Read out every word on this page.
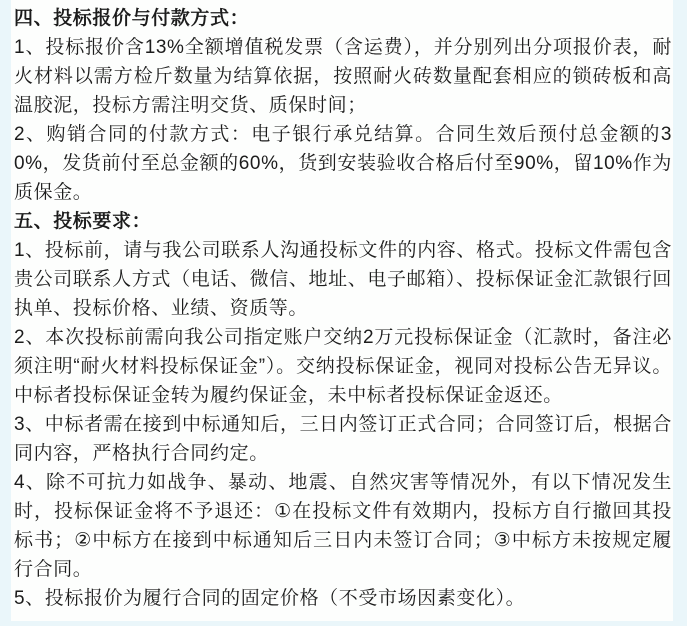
四、投标报价与付款方式：

1、投标报价含13%全额增值税发票（含运费），并分别列出分项报价表，耐火材料以需方检斤数量为结算依据，按照耐火砖数量配套相应的锁砖板和高温胶泥，投标方需注明交货、质保时间；

2、购销合同的付款方式：电子银行承兑结算。合同生效后预付总金额的30%，发货前付至总金额的60%，货到安装验收合格后付至90%，留10%作为质保金。

五、投标要求：

1、投标前，请与我公司联系人沟通投标文件的内容、格式。投标文件需包含贵公司联系人方式（电话、微信、地址、电子邮箱）、投标保证金汇款银行回执单、投标价格、业绩、资质等。

2、本次投标前需向我公司指定账户交纳2万元投标保证金（汇款时，备注必须注明“耐火材料投标保证金”）。交纳投标保证金，视同对投标公告无异议。中标者投标保证金转为履约保证金，未中标者投标保证金返还。

3、中标者需在接到中标通知后，三日内签订正式合同；合同签订后，根据合同内容，严格执行合同约定。

4、除不可抗力如战争、暴动、地震、自然灾害等情况外，有以下情况发生时，投标保证金将不予退还：①在投标文件有效期内，投标方自行撤回其投标书；②中标方在接到中标通知后三日内未签订合同；③中标方未按规定履行合同。

5、投标报价为履行合同的固定价格（不受市场因素变化）。
